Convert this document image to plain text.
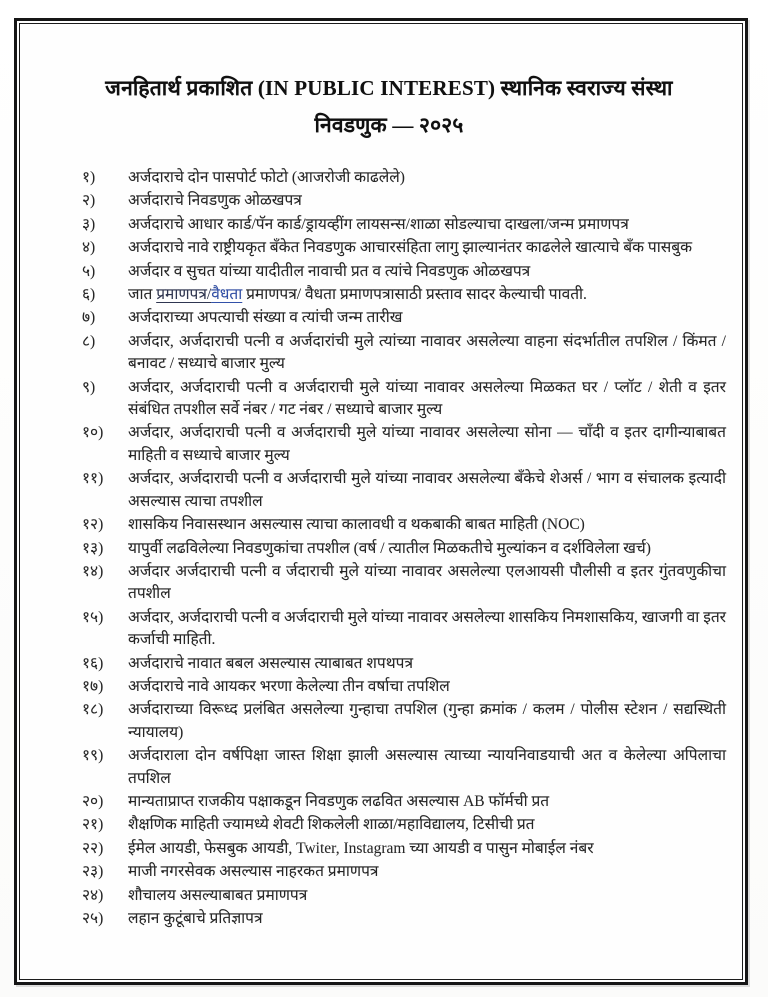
जनहितार्थ प्रकाशित (IN PUBLIC INTEREST) स्थानिक स्वराज्य संस्था
निवडणुक — २०२५
१)	अर्जदाराचे दोन पासपोर्ट फोटो (आजरोजी काढलेले)
२)	अर्जदाराचे निवडणुक ओळखपत्र
३)	अर्जदाराचे आधार कार्ड/पॅन कार्ड/ड्रायव्हींग लायसन्स/शाळा सोडल्याचा दाखला/जन्म प्रमाणपत्र
४)	अर्जदाराचे नावे राष्ट्रीयकृत बँकेत निवडणुक आचारसंहिता लागु झाल्यानंतर काढलेले खात्याचे बँक पासबुक
५)	अर्जदार व सुचत यांच्या यादीतील नावाची प्रत व त्यांचे निवडणुक ओळखपत्र
६)	जात प्रमाणपत्र/वैधता प्रमाणपत्र/ वैधता प्रमाणपत्रासाठी प्रस्ताव सादर केल्याची पावती.
७)	अर्जदाराच्या अपत्याची संख्या व त्यांची जन्म तारीख
८)	अर्जदार, अर्जदाराची पत्नी व अर्जदारांची मुले त्यांच्या नावावर असलेल्या वाहना संदर्भातील तपशिल / किंमत / बनावट / सध्याचे बाजार मुल्य
९)	अर्जदार, अर्जदाराची पत्नी व अर्जदाराची मुले यांच्या नावावर असलेल्या मिळकत घर / प्लॉट / शेती व इतर संबंधित तपशील सर्वे नंबर / गट नंबर / सध्याचे बाजार मुल्य
१०)	अर्जदार, अर्जदाराची पत्नी व अर्जदाराची मुले यांच्या नावावर असलेल्या सोना — चाँदी व इतर दागीन्याबाबत माहिती व सध्याचे बाजार मुल्य
११)	अर्जदार, अर्जदाराची पत्नी व अर्जदाराची मुले यांच्या नावावर असलेल्या बँकेचे शेअर्स / भाग व संचालक इत्यादी असल्यास त्याचा तपशील
१२)	शासकिय निवासस्थान असल्यास त्याचा कालावधी व थकबाकी बाबत माहिती (NOC)
१३)	यापुर्वी लढविलेल्या निवडणुकांचा तपशील (वर्ष / त्यातील मिळकतीचे मुल्यांकन व दर्शविलेला खर्च)
१४)	अर्जदार अर्जदाराची पत्नी व र्जदाराची मुले यांच्या नावावर असलेल्या एलआयसी पौलीसी व इतर गुंतवणुकीचा तपशील
१५)	अर्जदार, अर्जदाराची पत्नी व अर्जदाराची मुले यांच्या नावावर असलेल्या शासकिय निमशासकिय, खाजगी वा इतर कर्जाची माहिती.
१६)	अर्जदाराचे नावात बबल असल्यास त्याबाबत शपथपत्र
१७)	अर्जदाराचे नावे आयकर भरणा केलेल्या तीन वर्षाचा तपशिल
१८)	अर्जदाराच्या विरूध्द प्रलंबित असलेल्या गुन्हाचा तपशिल (गुन्हा क्रमांक / कलम / पोलीस स्टेशन / सद्यस्थिती न्यायालय)
१९)	अर्जदाराला दोन वर्षपिक्षा जास्त शिक्षा झाली असल्यास त्याच्या न्यायनिवाडयाची अत व केलेल्या अपिलाचा तपशिल
२०)	मान्यताप्राप्त राजकीय पक्षाकडून निवडणुक लढवित असल्यास AB फॉर्मची प्रत
२१)	शैक्षणिक माहिती ज्यामध्ये शेवटी शिकलेली शाळा/महाविद्यालय, टिसीची प्रत
२२)	ईमेल आयडी, फेसबुक आयडी, Twiter, Instagram च्या आयडी व पासुन मोबाईल नंबर
२३)	माजी नगरसेवक असल्यास नाहरकत प्रमाणपत्र
२४)	शौचालय असल्याबाबत प्रमाणपत्र
२५)	लहान कुटूंबाचे प्रतिज्ञापत्र
